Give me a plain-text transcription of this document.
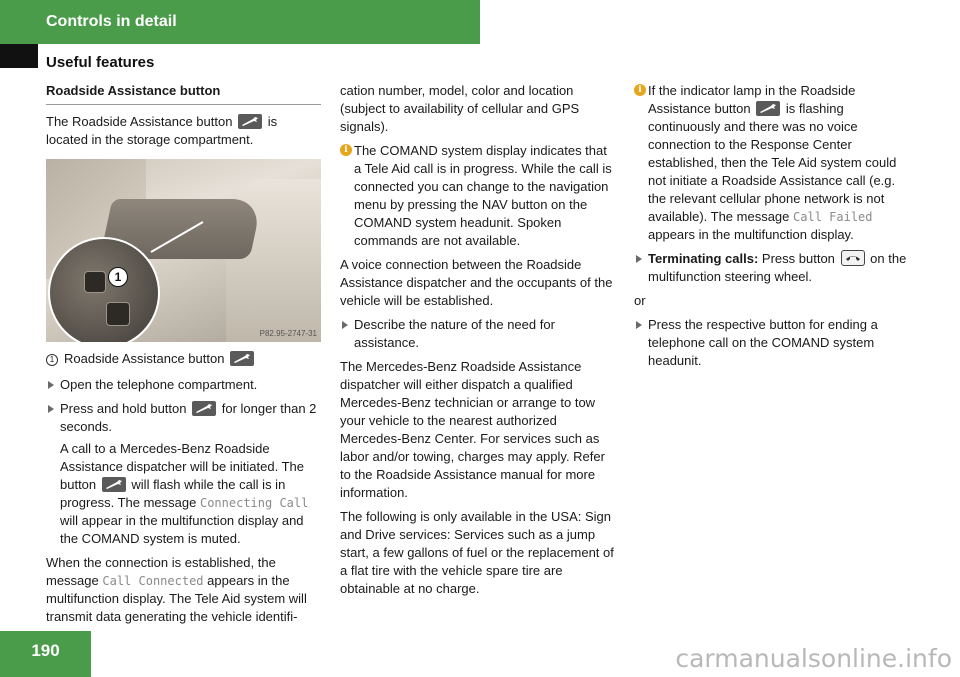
Controls in detail
Useful features
Roadside Assistance button

The Roadside Assistance button	is located in the storage compartment.

1
P82.95-2747-31

1 Roadside Assistance button

Open the telephone compartment.
Press and hold button	for longer than 2 seconds.
A call to a Mercedes-Benz Roadside Assistance dispatcher will be initiated. The button	will flash while the call is in progress. The message Connecting Call will appear in the multifunction display and the COMAND system is muted.

When the connection is established, the message Call Connected appears in the multifunction display. The Tele Aid system will transmit data generating the vehicle identifi-

cation number, model, color and location (subject to availability of cellular and GPS signals).

i The COMAND system display indicates that a Tele Aid call is in progress. While the call is connected you can change to the navigation menu by pressing the NAV button on the COMAND system headunit. Spoken commands are not available.

A voice connection between the Roadside Assistance dispatcher and the occupants of the vehicle will be established.

Describe the nature of the need for assistance.

The Mercedes-Benz Roadside Assistance dispatcher will either dispatch a qualified Mercedes-Benz technician or arrange to tow your vehicle to the nearest authorized Mercedes-Benz Center. For services such as labor and/or towing, charges may apply. Refer to the Roadside Assistance manual for more information.

The following is only available in the USA: Sign and Drive services: Services such as a jump start, a few gallons of fuel or the replacement of a flat tire with the vehicle spare tire are obtainable at no charge.

i If the indicator lamp in the Roadside Assistance button	is flashing continuously and there was no voice connection to the Response Center established, then the Tele Aid system could not initiate a Roadside Assistance call (e.g. the relevant cellular phone network is not available). The message Call Failed appears in the multifunction display.
Terminating calls: Press button	on the multifunction steering wheel.

or

Press the respective button for ending a telephone call on the COMAND system headunit.
190	carmanualsonline.info
